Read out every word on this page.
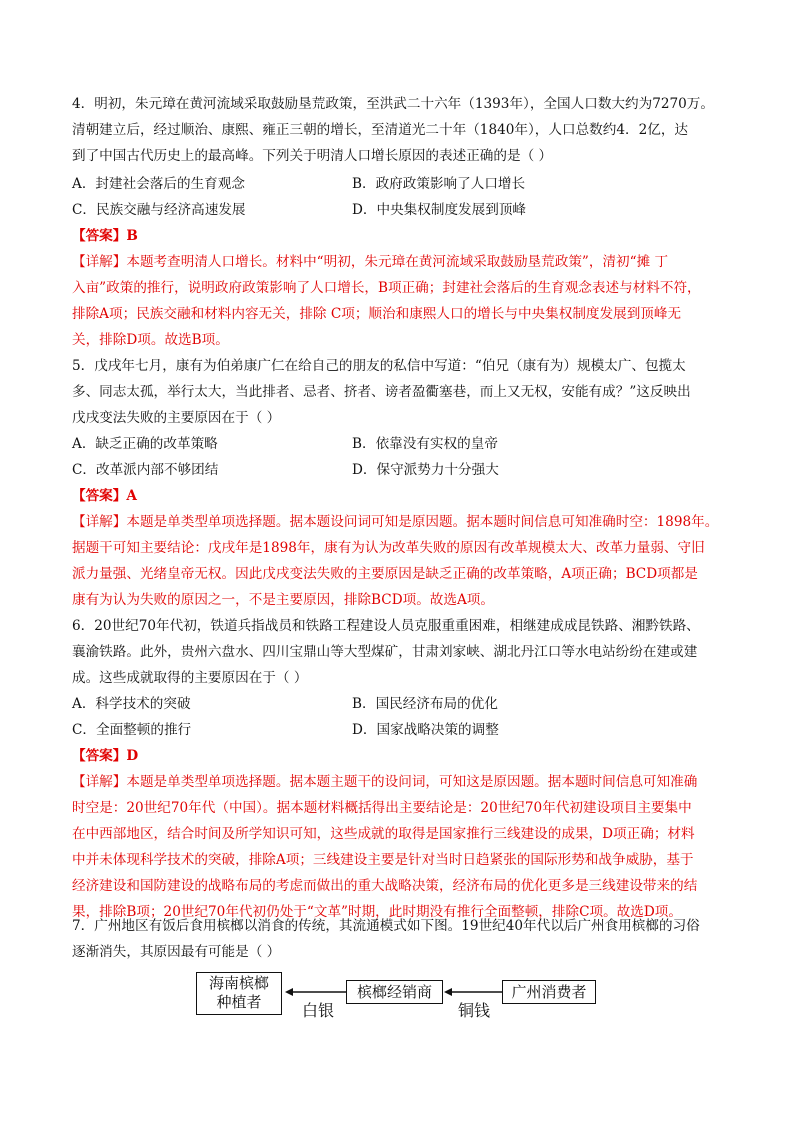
4．明初，朱元璋在黄河流域采取鼓励垦荒政策，至洪武二十六年（1393年），全国人口数大约为7270万。
清朝建立后，经过顺治、康熙、雍正三朝的增长，至清道光二十年（1840年），人口总数约4．2亿，达
到了中国古代历史上的最高峰。下列关于明清人口增长原因的表述正确的是（ ）
A．封建社会落后的生育观念	B．政府政策影响了人口增长
C．民族交融与经济高速发展	D．中央集权制度发展到顶峰
【答案】B
【详解】本题考查明清人口增长。材料中“明初，朱元璋在黄河流域采取鼓励垦荒政策”，清初“摊 丁
入亩”政策的推行，说明政府政策影响了人口增长，B项正确；封建社会落后的生育观念表述与材料不符，
排除A项；民族交融和材料内容无关，排除 C项；顺治和康熙人口的增长与中央集权制度发展到顶峰无
关，排除D项。故选B项。
5．戊戌年七月，康有为伯弟康广仁在给自己的朋友的私信中写道：“伯兄（康有为）规模太广、包揽太
多、同志太孤，举行太大，当此排者、忌者、挤者、谤者盈衢塞巷，而上又无权，安能有成？”这反映出
戊戌变法失败的主要原因在于（ ）
A．缺乏正确的改革策略	B．依靠没有实权的皇帝
C．改革派内部不够团结	D．保守派势力十分强大
【答案】A
【详解】本题是单类型单项选择题。据本题设问词可知是原因题。据本题时间信息可知准确时空：1898年。
据题干可知主要结论：戊戌年是1898年，康有为认为改革失败的原因有改革规模太大、改革力量弱、守旧
派力量强、光绪皇帝无权。因此戊戌变法失败的主要原因是缺乏正确的改革策略，A项正确；BCD项都是
康有为认为失败的原因之一，不是主要原因，排除BCD项。故选A项。
6．20世纪70年代初，铁道兵指战员和铁路工程建设人员克服重重困难，相继建成成昆铁路、湘黔铁路、
襄渝铁路。此外，贵州六盘水、四川宝鼎山等大型煤矿，甘肃刘家峡、湖北丹江口等水电站纷纷在建或建
成。这些成就取得的主要原因在于（ ）
A．科学技术的突破	B．国民经济布局的优化
C．全面整顿的推行	D．国家战略决策的调整
【答案】D
【详解】本题是单类型单项选择题。据本题主题干的设问词，可知这是原因题。据本题时间信息可知准确
时空是：20世纪70年代（中国）。据本题材料概括得出主要结论是：20世纪70年代初建设项目主要集中
在中西部地区，结合时间及所学知识可知，这些成就的取得是国家推行三线建设的成果，D项正确；材料
中并未体现科学技术的突破，排除A项；三线建设主要是针对当时日趋紧张的国际形势和战争威胁，基于
经济建设和国防建设的战略布局的考虑而做出的重大战略决策，经济布局的优化更多是三线建设带来的结
果，排除B项；20世纪70年代初仍处于“文革”时期，此时期没有推行全面整顿，排除C项。故选D项。
7．广州地区有饭后食用槟榔以消食的传统，其流通模式如下图。19世纪40年代以后广州食用槟榔的习俗
逐渐消失，其原因最有可能是（ ）
海南槟榔
种植者
槟榔经销商	广州消费者
白银	铜钱
